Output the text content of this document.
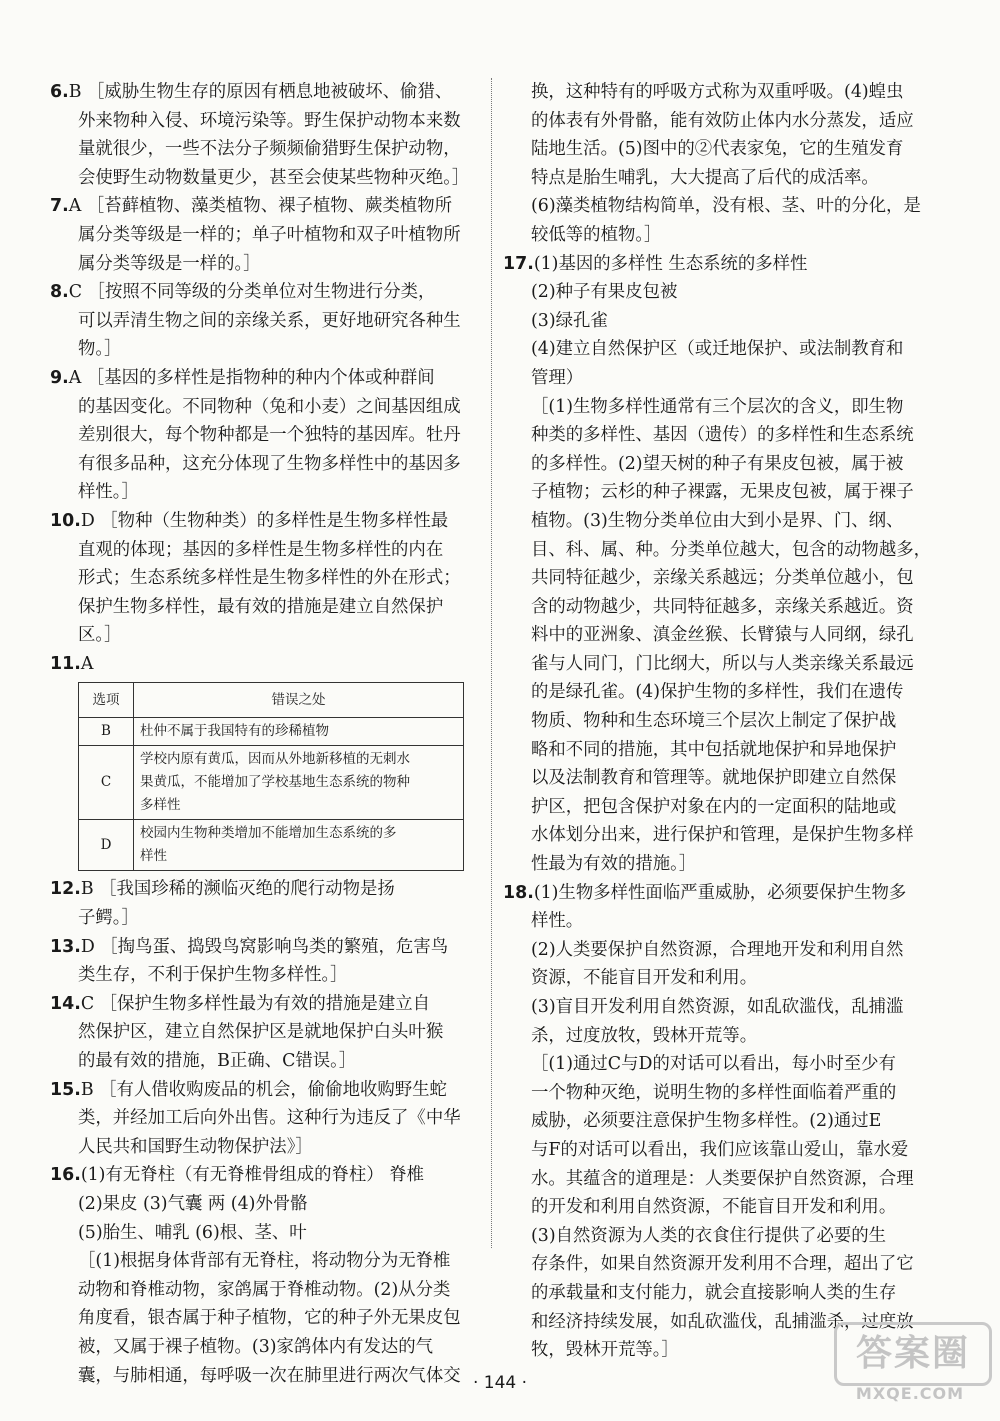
6.B ［威胁生物生存的原因有栖息地被破坏、偷猎、
外来物种入侵、环境污染等。野生保护动物本来数
量就很少，一些不法分子频频偷猎野生保护动物，
会使野生动物数量更少，甚至会使某些物种灭绝。］
7.A ［苔藓植物、藻类植物、裸子植物、蕨类植物所
属分类等级是一样的；单子叶植物和双子叶植物所
属分类等级是一样的。］
8.C ［按照不同等级的分类单位对生物进行分类，
可以弄清生物之间的亲缘关系，更好地研究各种生
物。］
9.A ［基因的多样性是指物种的种内个体或种群间
的基因变化。不同物种（兔和小麦）之间基因组成
差别很大，每个物种都是一个独特的基因库。牡丹
有很多品种，这充分体现了生物多样性中的基因多
样性。］
10.D ［物种（生物种类）的多样性是生物多样性最
直观的体现；基因的多样性是生物多样性的内在
形式；生态系统多样性是生物多样性的外在形式；
保护生物多样性，最有效的措施是建立自然保护
区。］
11.A
选项	错误之处
B	杜仲不属于我国特有的珍稀植物

C	学校内原有黄瓜，因而从外地新移植的无刺水
果黄瓜，不能增加了学校基地生态系统的物种
多样性

D	校园内生物种类增加不能增加生态系统的多
样性
12.B ［我国珍稀的濒临灭绝的爬行动物是扬
子鳄。］
13.D ［掏鸟蛋、捣毁鸟窝影响鸟类的繁殖，危害鸟
类生存，不利于保护生物多样性。］
14.C ［保护生物多样性最为有效的措施是建立自
然保护区，建立自然保护区是就地保护白头叶猴
的最有效的措施，B正确、C错误。］
15.B ［有人借收购废品的机会，偷偷地收购野生蛇
类，并经加工后向外出售。这种行为违反了《中华
人民共和国野生动物保护法》］
16.(1)有无脊柱（有无脊椎骨组成的脊柱） 脊椎
(2)果皮 (3)气囊 两 (4)外骨骼
(5)胎生、哺乳 (6)根、茎、叶
［(1)根据身体背部有无脊柱，将动物分为无脊椎
动物和脊椎动物，家鸽属于脊椎动物。(2)从分类
角度看，银杏属于种子植物，它的种子外无果皮包
被，又属于裸子植物。(3)家鸽体内有发达的气
囊，与肺相通，每呼吸一次在肺里进行两次气体交
换，这种特有的呼吸方式称为双重呼吸。(4)蝗虫
的体表有外骨骼，能有效防止体内水分蒸发，适应
陆地生活。(5)图中的②代表家兔，它的生殖发育
特点是胎生哺乳，大大提高了后代的成活率。
(6)藻类植物结构简单，没有根、茎、叶的分化，是
较低等的植物。］
17.(1)基因的多样性 生态系统的多样性
(2)种子有果皮包被
(3)绿孔雀
(4)建立自然保护区（或迁地保护、或法制教育和
管理）
［(1)生物多样性通常有三个层次的含义，即生物
种类的多样性、基因（遗传）的多样性和生态系统
的多样性。(2)望天树的种子有果皮包被，属于被
子植物；云杉的种子裸露，无果皮包被，属于裸子
植物。(3)生物分类单位由大到小是界、门、纲、
目、科、属、种。分类单位越大，包含的动物越多，
共同特征越少，亲缘关系越远；分类单位越小，包
含的动物越少，共同特征越多，亲缘关系越近。资
料中的亚洲象、滇金丝猴、长臂猿与人同纲，绿孔
雀与人同门，门比纲大，所以与人类亲缘关系最远
的是绿孔雀。(4)保护生物的多样性，我们在遗传
物质、物种和生态环境三个层次上制定了保护战
略和不同的措施，其中包括就地保护和异地保护
以及法制教育和管理等。就地保护即建立自然保
护区，把包含保护对象在内的一定面积的陆地或
水体划分出来，进行保护和管理，是保护生物多样
性最为有效的措施。］
18.(1)生物多样性面临严重威胁，必须要保护生物多
样性。
(2)人类要保护自然资源，合理地开发和利用自然
资源，不能盲目开发和利用。
(3)盲目开发利用自然资源，如乱砍滥伐，乱捕滥
杀，过度放牧，毁林开荒等。
［(1)通过C与D的对话可以看出，每小时至少有
一个物种灭绝，说明生物的多样性面临着严重的
威胁，必须要注意保护生物多样性。(2)通过E
与F的对话可以看出，我们应该靠山爱山，靠水爱
水。其蕴含的道理是：人类要保护自然资源，合理
的开发和利用自然资源，不能盲目开发和利用。
(3)自然资源为人类的衣食住行提供了必要的生
存条件，如果自然资源开发利用不合理，超出了它
的承载量和支付能力，就会直接影响人类的生存
和经济持续发展，如乱砍滥伐，乱捕滥杀，过度放
牧，毁林开荒等。］
· 144 ·
答案圈
MXQE.COM
